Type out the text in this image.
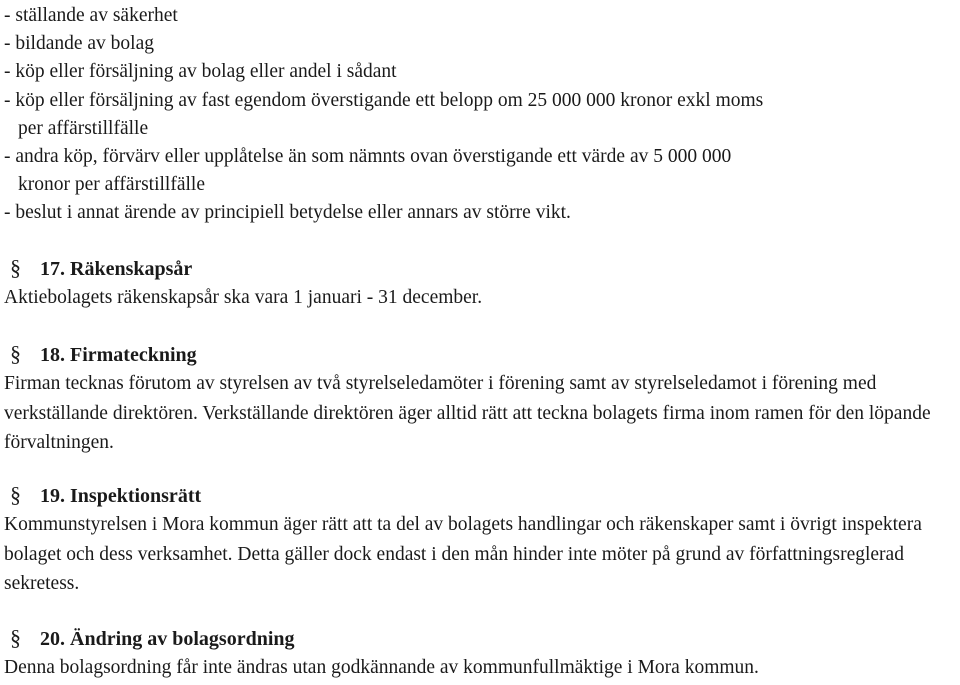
- ställande av säkerhet
- bildande av bolag
- köp eller försäljning av bolag eller andel i sådant
- köp eller försäljning av fast egendom överstigande ett belopp om 25 000 000 kronor exkl moms
per affärstillfälle
- andra köp, förvärv eller upplåtelse än som nämnts ovan överstigande ett värde av 5 000 000
kronor per affärstillfälle
- beslut i annat ärende av principiell betydelse eller annars av större vikt.
§ 17. Räkenskapsår
Aktiebolagets räkenskapsår ska vara 1 januari - 31 december.
§ 18. Firmateckning
Firman tecknas förutom av styrelsen av två styrelseledamöter i förening samt av styrelseledamot i förening med verkställande direktören. Verkställande direktören äger alltid rätt att teckna bolagets firma inom ramen för den löpande förvaltningen.
§ 19. Inspektionsrätt
Kommunstyrelsen i Mora kommun äger rätt att ta del av bolagets handlingar och räkenskaper samt i övrigt inspektera bolaget och dess verksamhet. Detta gäller dock endast i den mån hinder inte möter på grund av författningsreglerad sekretess.
§ 20. Ändring av bolagsordning
Denna bolagsordning får inte ändras utan godkännande av kommunfullmäktige i Mora kommun.
